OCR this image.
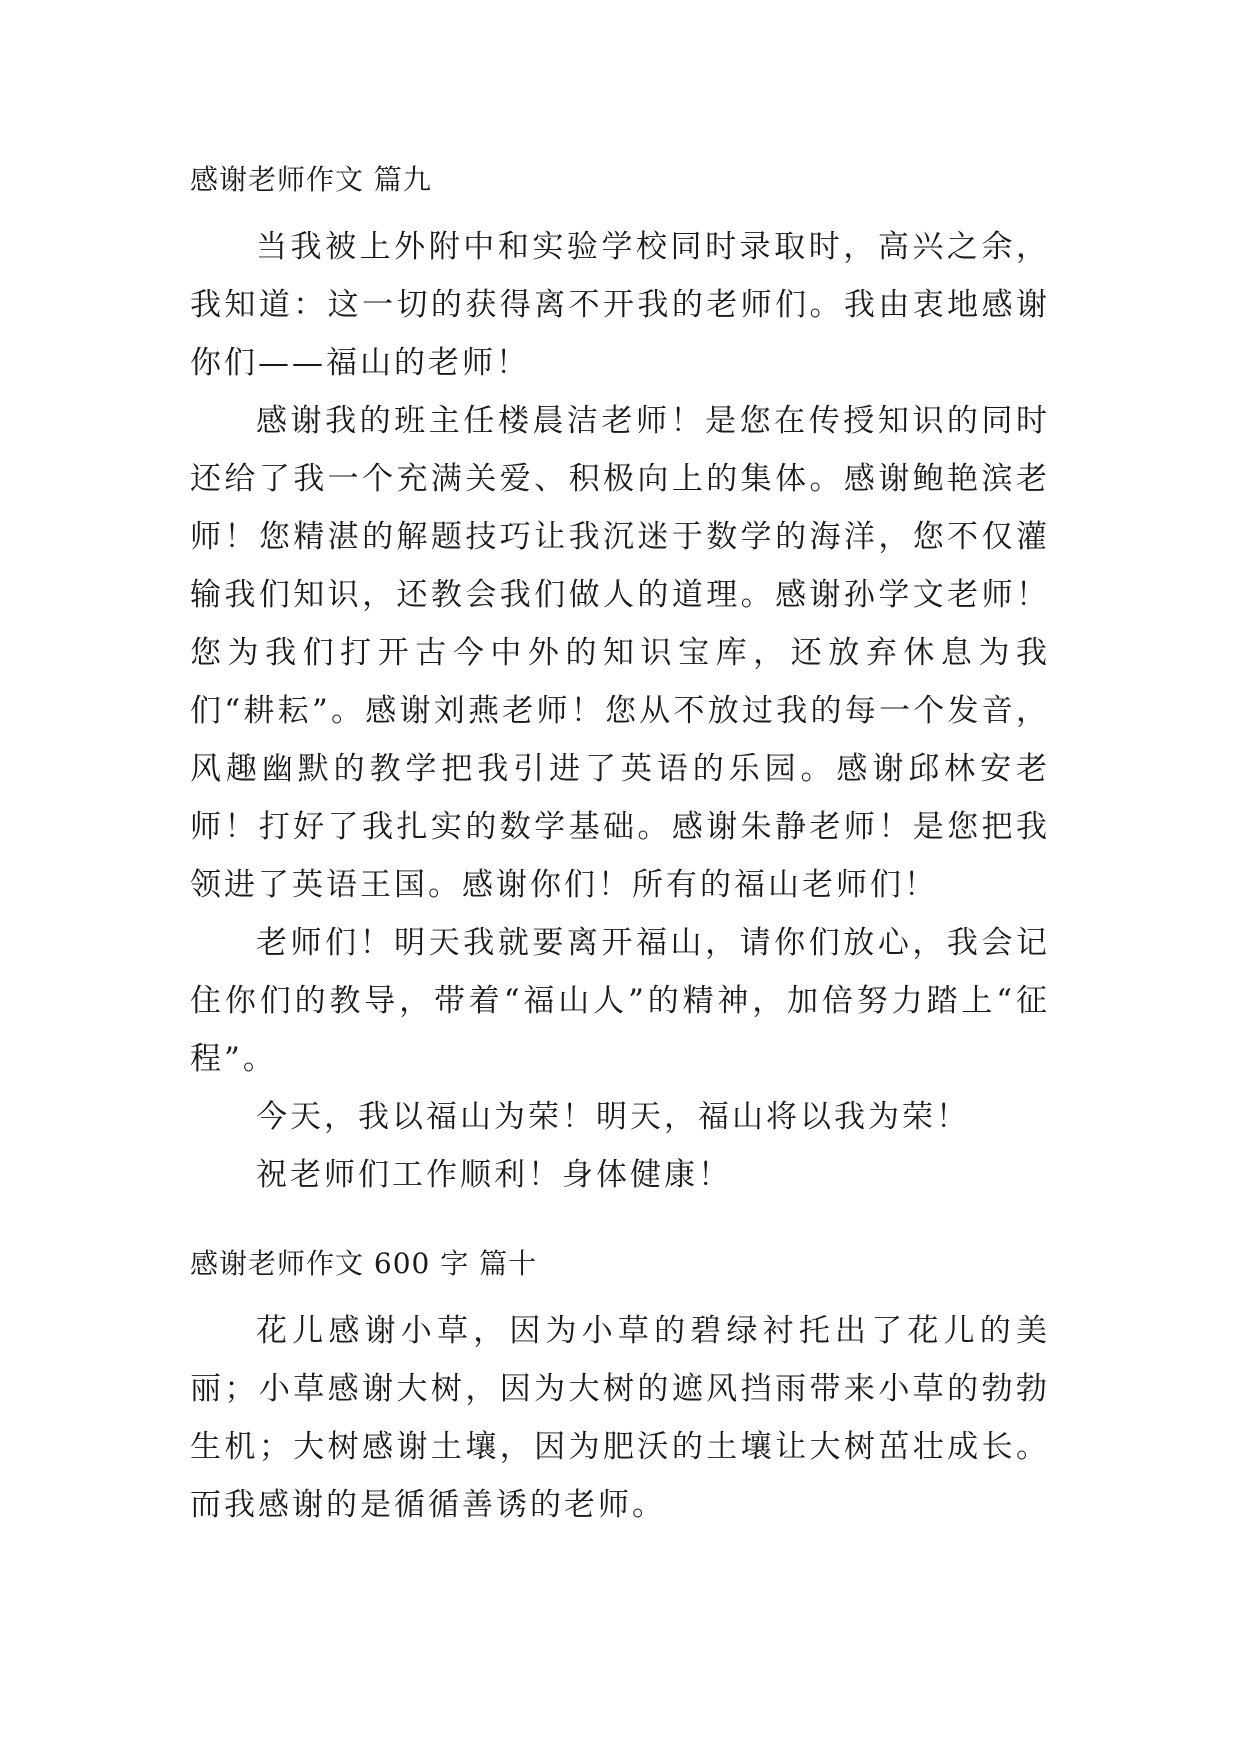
感谢老师作文 篇九

当我被上外附中和实验学校同时录取时，高兴之余，我知道：这一切的获得离不开我的老师们。我由衷地感谢你们——福山的老师！

感谢我的班主任楼晨洁老师！是您在传授知识的同时还给了我一个充满关爱、积极向上的集体。感谢鲍艳滨老师！您精湛的解题技巧让我沉迷于数学的海洋，您不仅灌输我们知识，还教会我们做人的道理。感谢孙学文老师！您为我们打开古今中外的知识宝库，还放弃休息为我们“耕耘”。感谢刘燕老师！您从不放过我的每一个发音，风趣幽默的教学把我引进了英语的乐园。感谢邱林安老师！打好了我扎实的数学基础。感谢朱静老师！是您把我领进了英语王国。感谢你们！所有的福山老师们！

老师们！明天我就要离开福山，请你们放心，我会记住你们的教导，带着“福山人”的精神，加倍努力踏上“征程”。

今天，我以福山为荣！明天，福山将以我为荣！

祝老师们工作顺利！身体健康！

感谢老师作文 600 字 篇十

花儿感谢小草，因为小草的碧绿衬托出了花儿的美丽；小草感谢大树，因为大树的遮风挡雨带来小草的勃勃生机；大树感谢土壤，因为肥沃的土壤让大树茁壮成长。而我感谢的是循循善诱的老师。
